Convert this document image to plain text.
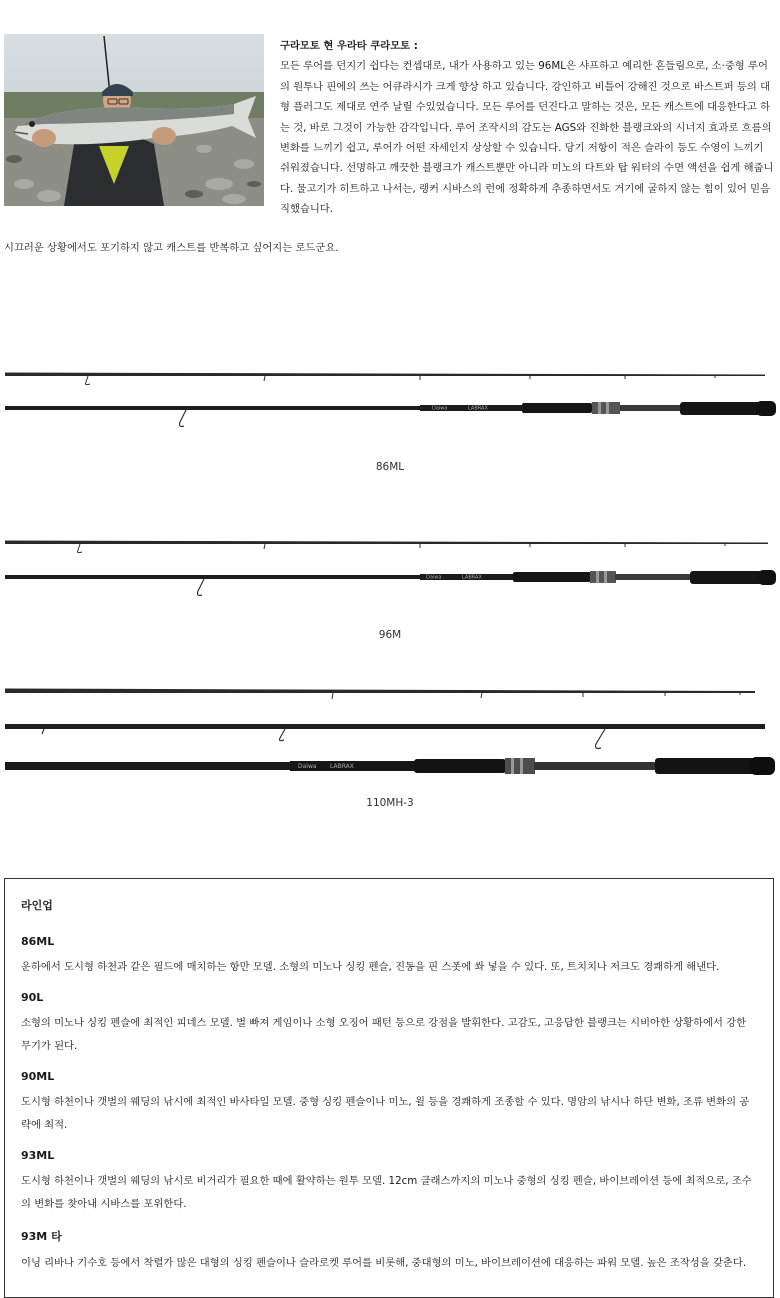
구라모토 현 우라타 쿠라모토 :
모든 루어를 던지기 쉽다는 컨셉대로, 내가 사용하고 있는 96ML은 샤프하고 예리한 흔들림으로, 소·중형 루어의 원투나 핀에의 쓰는 어큐라시가 크게 향상 하고 있습니다. 강인하고 비틀어 강해진 것으로 바스트퍼 등의 대형 플러그도 제대로 연주 날릴 수있었습니다. 모든 루어를 던진다고 말하는 것은, 모든 캐스트에 대응한다고 하는 것, 바로 그것이 가능한 감각입니다. 루어 조작시의 감도는 AGS와 진화한 블랭크와의 시너지 효과로 흐름의 변화를 느끼기 쉽고, 루어가 어떤 자세인지 상상할 수 있습니다. 당기 저항이 적은 슬라이 등도 수영이 느끼기 쉬워졌습니다. 선명하고 깨끗한 블랭크가 캐스트뿐만 아니라 미노의 다트와 탑 워터의 수면 액션을 쉽게 해줍니다. 물고기가 히트하고 나서는, 랭커 시바스의 런에 정확하게 추종하면서도 거기에 굴하지 않는 힘이 있어 믿음직했습니다.
시끄러운 상황에서도 포기하지 않고 캐스트를 반복하고 싶어지는 로드군요.
Daiwa	LABRAX
86ML
Daiwa	LABRAX
96M
Daiwa LABRAX
110MH-3
라인업
86ML
운하에서 도시형 하천과 같은 필드에 매치하는 항만 모델. 소형의 미노나 싱킹 펜슬, 진동을 핀 스폿에 쏴 넣을 수 있다. 또, 트치치나 저크도 경쾌하게 해낸다.
90L
소형의 미노나 싱킹 펜슬에 최적인 피네스 모델. 벌 빠져 게임이나 소형 오징어 패턴 등으로 강점을 발휘한다. 고감도, 고응답한 블랭크는 시비아한 상황하에서 강한 무기가 된다.
90ML
도시형 하천이나 갯벌의 웨딩의 낚시에 최적인 바사타일 모델. 중형 싱킹 펜슬이나 미노, 윌 등을 경쾌하게 조종할 수 있다. 명암의 낚시나 하단 변화, 조류 변화의 공략에 최적.
93ML
도시형 하천이나 갯벌의 웨딩의 낚시로 비거리가 필요한 때에 활약하는 원투 모델. 12cm 클래스까지의 미노나 중형의 싱킹 펜슬, 바이브레이션 등에 최적으로, 조수의 변화를 찾아내 시바스를 포위한다.
93M 타
이닝 리바나 기수호 등에서 착렬가 많은 대형의 싱킹 펜슬이나 슬라로켓 루어를 비롯해, 중대형의 미노, 바이브레이션에 대응하는 파워 모델. 높은 조작성을 갖춘다.
